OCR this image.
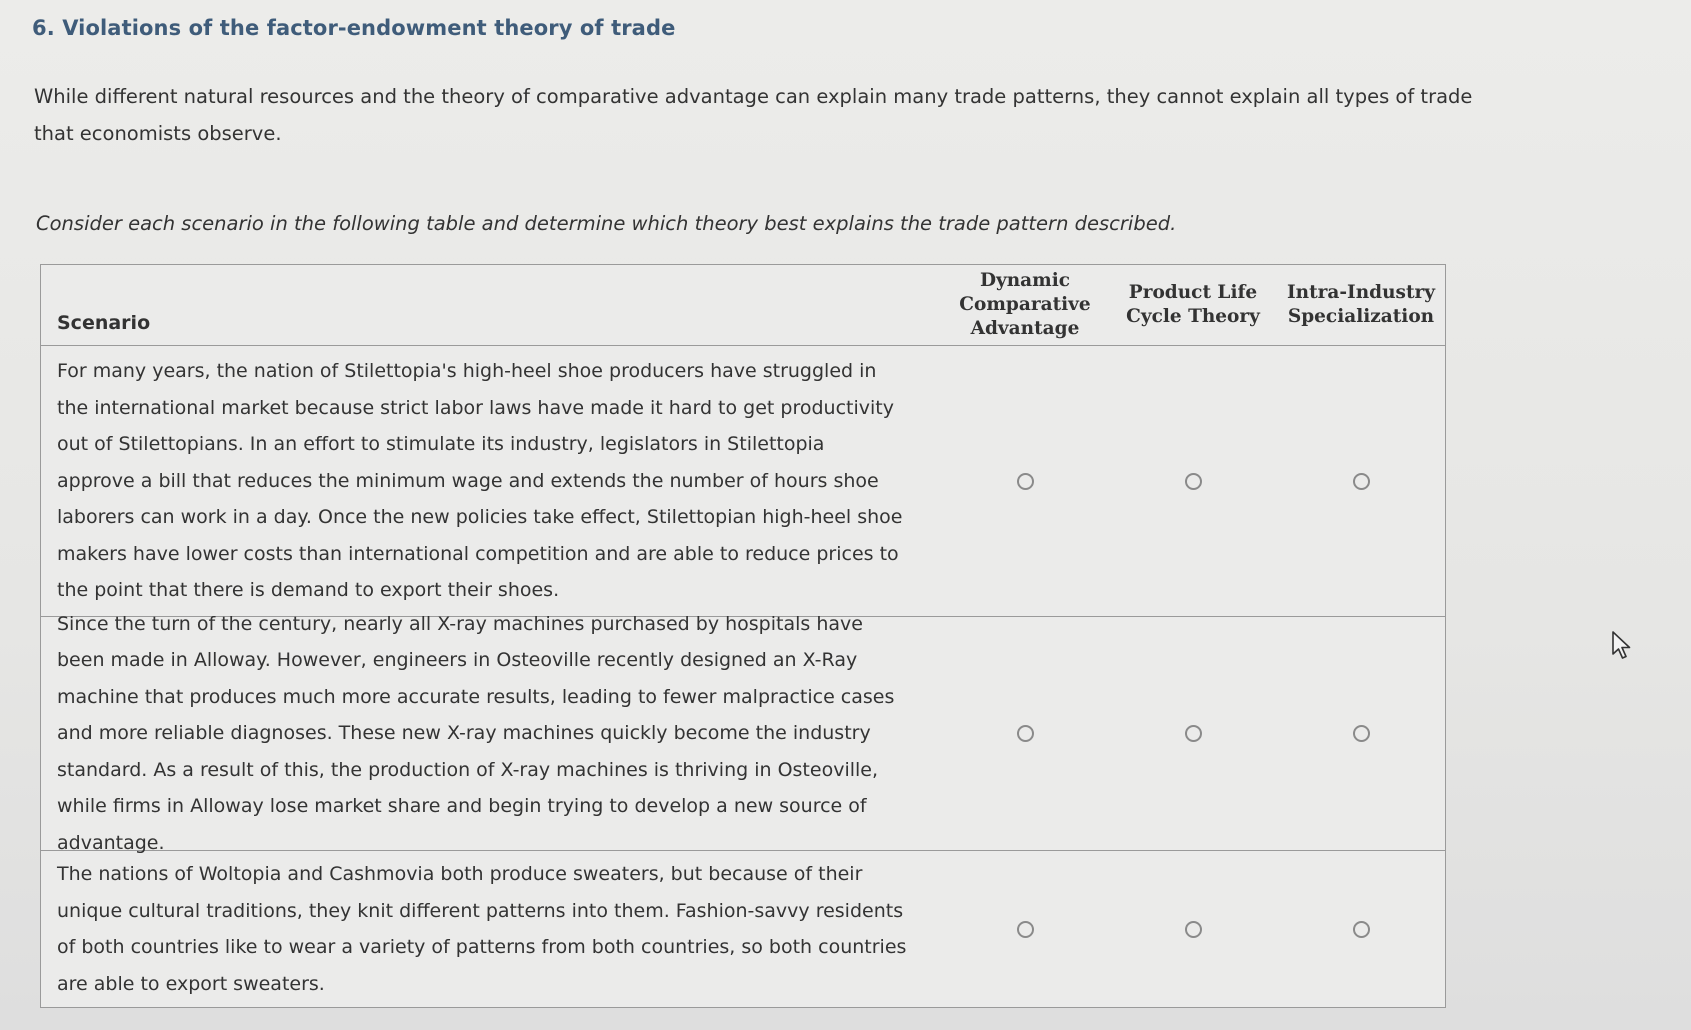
6. Violations of the factor-endowment theory of trade
While different natural resources and the theory of comparative advantage can explain many trade patterns, they cannot explain all types of trade that economists observe.
Consider each scenario in the following table and determine which theory best explains the trade pattern described.
Scenario
Dynamic Comparative Advantage
Product Life Cycle Theory
Intra-Industry Specialization

For many years, the nation of Stilettopia's high-heel shoe producers have struggled in the international market because strict labor laws have made it hard to get productivity out of Stilettopians. In an effort to stimulate its industry, legislators in Stilettopia approve a bill that reduces the minimum wage and extends the number of hours shoe laborers can work in a day. Once the new policies take effect, Stilettopian high-heel shoe makers have lower costs than international competition and are able to reduce prices to the point that there is demand to export their shoes.

Since the turn of the century, nearly all X-ray machines purchased by hospitals have been made in Alloway. However, engineers in Osteoville recently designed an X-Ray machine that produces much more accurate results, leading to fewer malpractice cases and more reliable diagnoses. These new X-ray machines quickly become the industry standard. As a result of this, the production of X-ray machines is thriving in Osteoville, while firms in Alloway lose market share and begin trying to develop a new source of advantage.

The nations of Woltopia and Cashmovia both produce sweaters, but because of their unique cultural traditions, they knit different patterns into them. Fashion-savvy residents of both countries like to wear a variety of patterns from both countries, so both countries are able to export sweaters.
